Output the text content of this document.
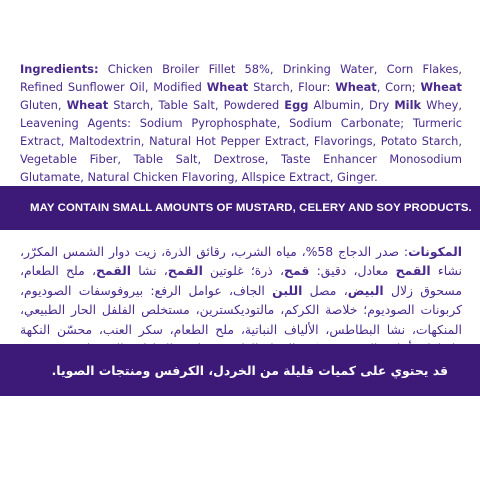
Ingredients: Chicken Broiler Fillet 58%, Drinking Water, Corn Flakes, Refined Sunflower Oil, Modified Wheat Starch, Flour: Wheat, Corn; Wheat Gluten, Wheat Starch, Table Salt, Powdered Egg Albumin, Dry Milk Whey, Leavening Agents: Sodium Pyrophosphate, Sodium Carbonate; Turmeric Extract, Maltodextrin, Natural Hot Pepper Extract, Flavorings, Potato Starch, Vegetable Fiber, Table Salt, Dextrose, Taste Enhancer Monosodium Glutamate, Natural Chicken Flavoring, Allspice Extract, Ginger.
MAY CONTAIN SMALL AMOUNTS OF MUSTARD, CELERY AND SOY PRODUCTS.
المكونات: صدر الدجاج 58%، مياه الشرب، رقائق الذرة، زيت دوار الشمس المكرّر، نشاء القمح معادل، دقيق: قمح، ذرة؛ غلوتين القمح، نشا القمح، ملح الطعام، مسحوق زلال البيض، مصل اللبن الجاف، عوامل الرفع: بيروفوسفات الصوديوم، كربونات الصوديوم؛ خلاصة الكركم، مالتوديكسترين، مستخلص الفلفل الحار الطبيعي، المنكهات، نشا البطاطس، الألياف النباتية، ملح الطعام، سكر العنب، محسّن النكهة
قد يحتوي على كميات قليلة من الخردل، الكرفس ومنتجات الصويا.
